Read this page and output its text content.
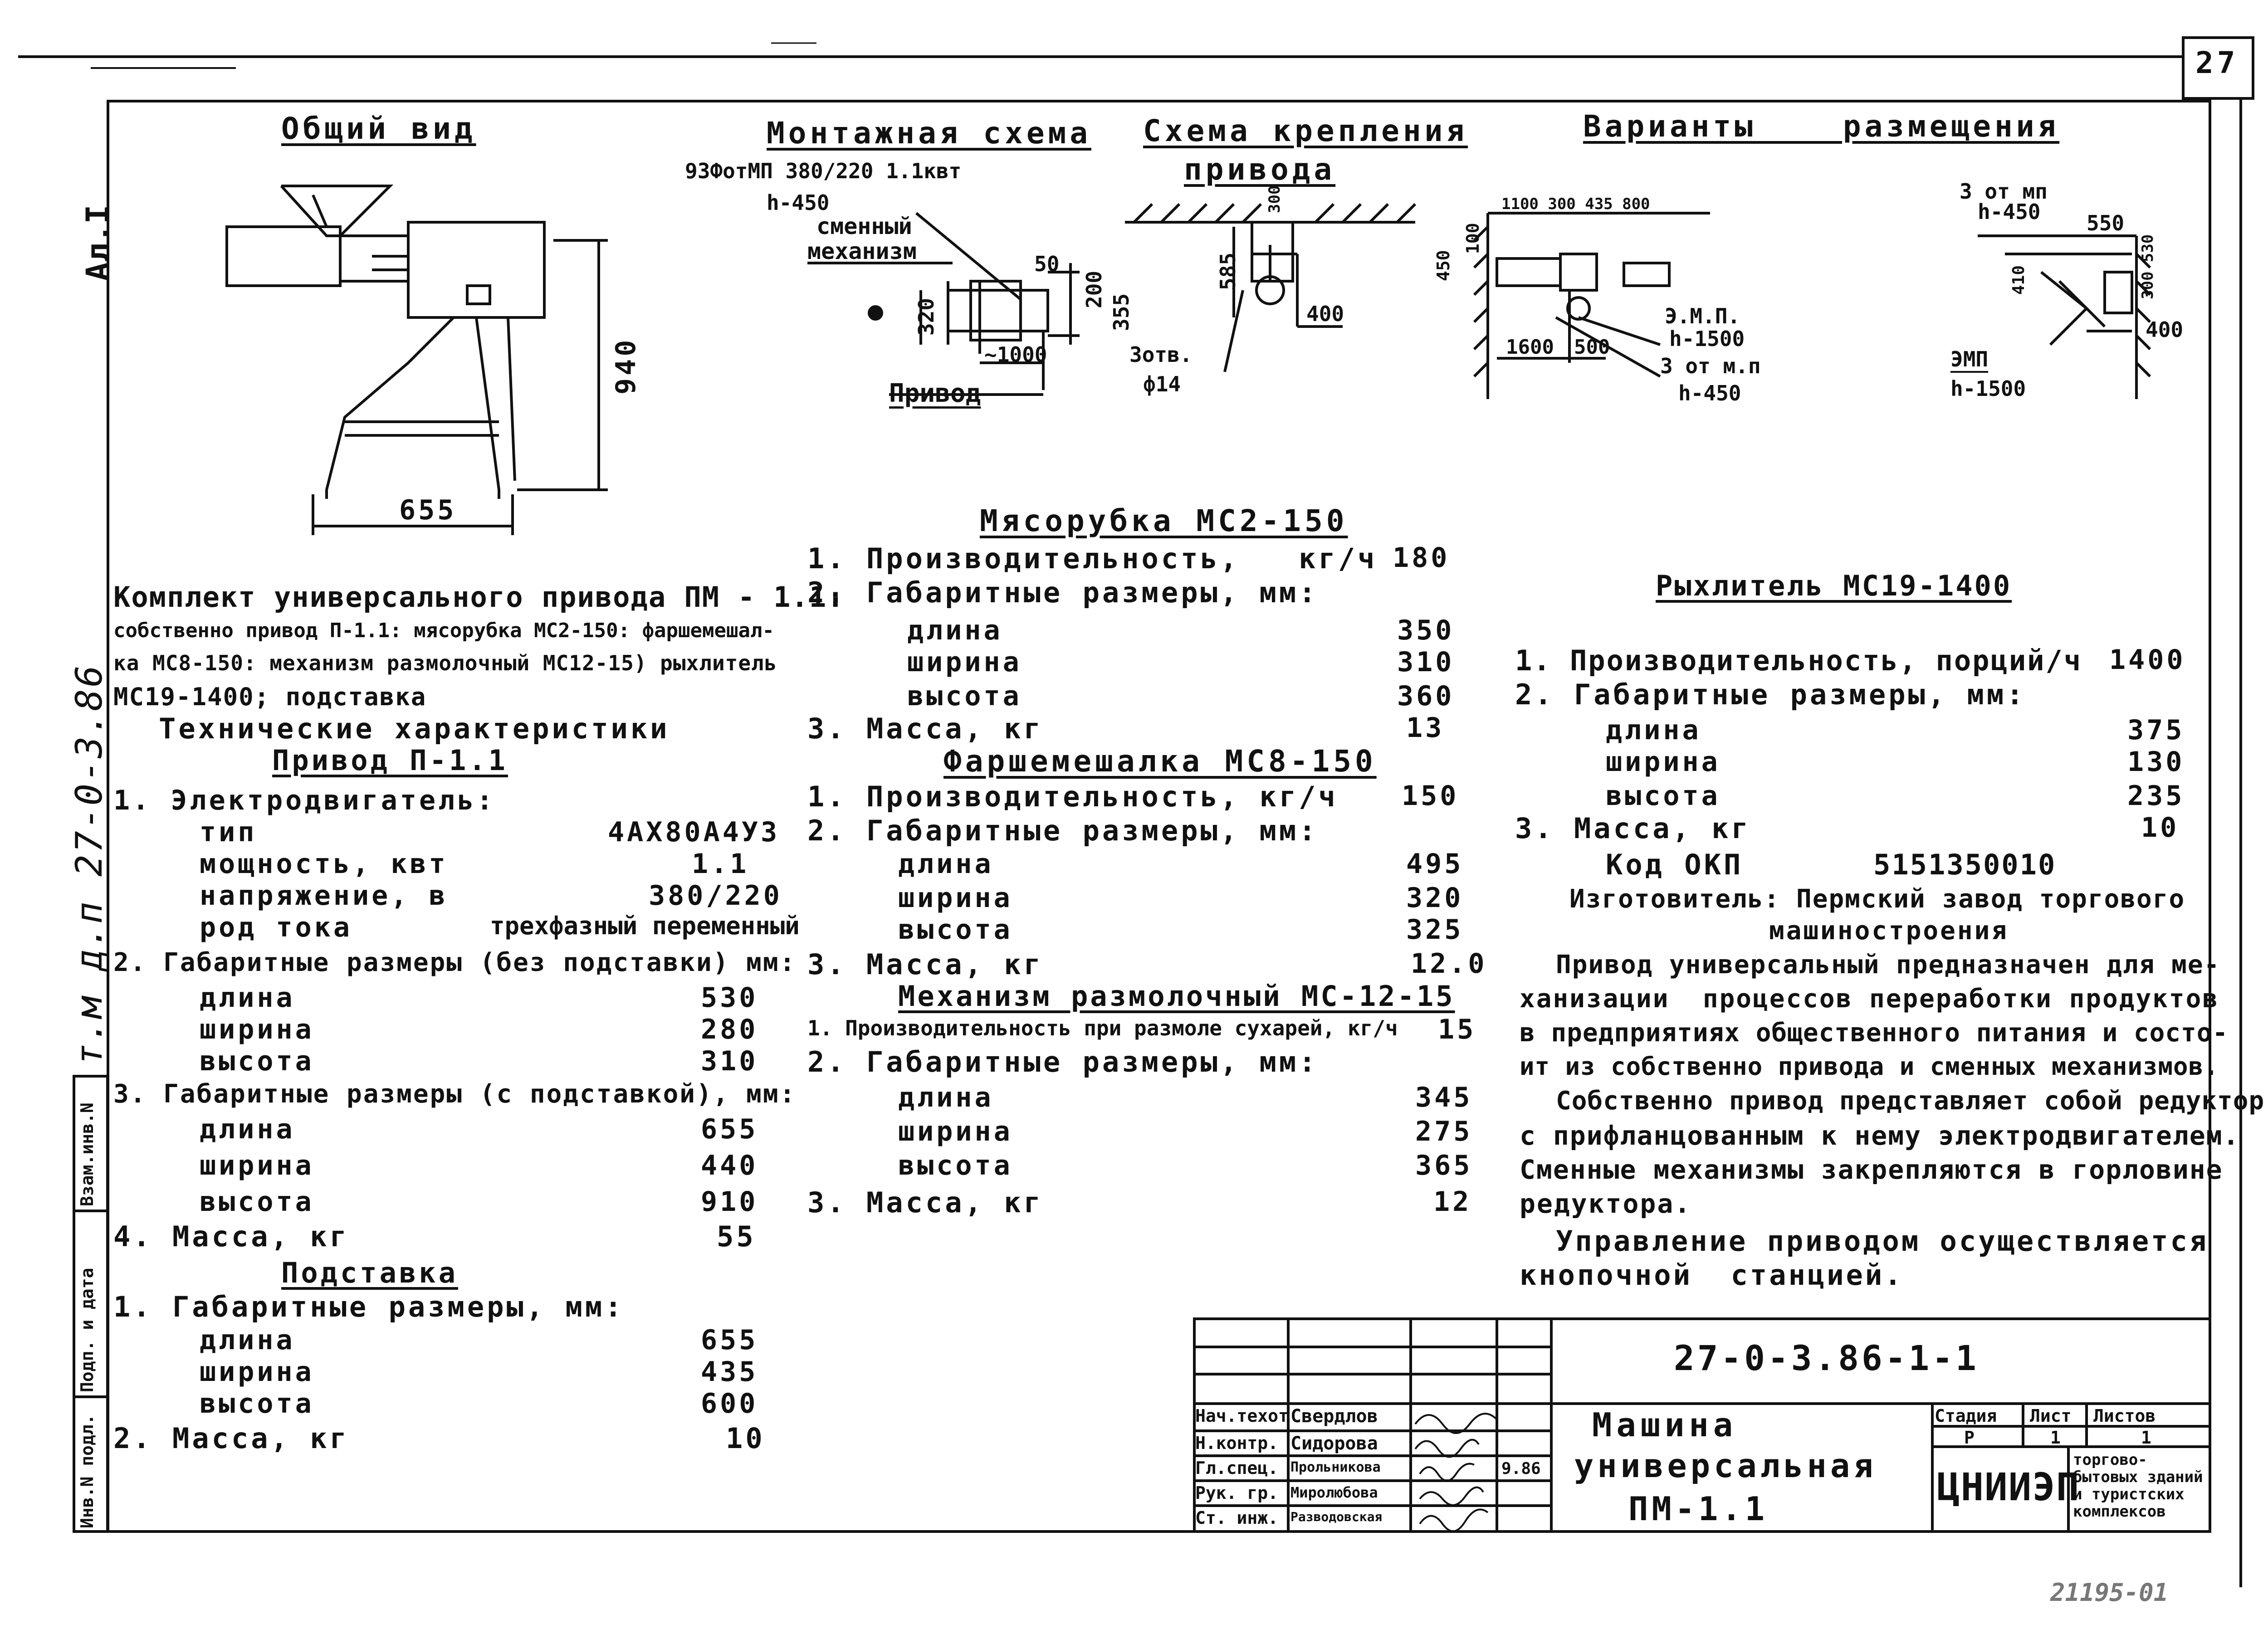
27
Ал.I
т.м д.п 27-0-3.86
Взам.инв.N
Подп. и дата
Инв.N подл.
Общий вид	Монтажная схема Схема крепления
привода
Варианты    размещения
655
940
93ФотМП 380/220 1.1квт
h-450
сменный
механизм	50
200
355
320
~1000
Привод
300
585
400
3отв.
ф14
1100 300 435 800
100
450
1600 500
Э.М.П.
h-1500
3 от м.п
h-450
3 от мп
h-450 550
410	300 530
400
ЭМП
h-1500
Комплект универсального привода ПМ - 1.1:
собственно привод П-1.1: мясорубка МС2-150: фаршемешал-
ка МС8-150: механизм размолочный МС12-15) рыхлитель
МС19-1400; подставка
Технические характеристики
Привод П-1.1
1. Электродвигатель:
тип	4АХ80А4У3
мощность, квт	1.1
напряжение, в	380/220
род тока	трехфазный переменный
2. Габаритные размеры (без подставки) мм:
длина	530
ширина	280
высота	310
3. Габаритные размеры (с подставкой), мм:
длина	655
ширина	440
высота	910
4. Масса, кг	55
Подставка
1. Габаритные размеры, мм:
длина	655
ширина	435
высота	600
2. Масса, кг	10
Мясорубка МС2-150
1. Производительность,   кг/ч 180
2. Габаритные размеры, мм:
длина	350
ширина	310
высота	360
3. Масса, кг	13
Фаршемешалка МС8-150
1. Производительность, кг/ч 150
2. Габаритные размеры, мм:
длина	495
ширина	320
высота	325
3. Масса, кг	12.0
Механизм размолочный МС-12-15
1. Производительность при размоле сухарей, кг/ч 15
2. Габаритные размеры, мм:
длина	345
ширина	275
высота	365
3. Масса, кг	12
Рыхлитель МС19-1400
1. Производительность, порций/ч 1400
2. Габаритные размеры, мм:
длина	375
ширина	130
высота	235
3. Масса, кг	10
Код ОКП	5151350010
Изготовитель: Пермский завод торгового
машиностроения
Привод универсальный предназначен для ме-
ханизации  процессов переработки продуктов
в предприятиях общественного питания и состо-
ит из собственно привода и сменных механизмов.
Собственно привод представляет собой редуктор
с прифланцованным к нему электродвигателем.
Сменные механизмы закрепляются в горловине
редуктора.
Управление приводом осуществляется
кнопочной  станцией.
27-0-3.86-1-1
Нач.техот Свердлов
Н.контр. Сидорова
Гл.спец. Прольникова
Рук. гр. Миролюбова
Ст. инж. Разводовская
9.86
Машина
универсальная
ПМ-1.1
Стадия Лист Листов
Р	1	1
ЦНИИЭП
торгово-бытовых зданий и туристских комплексов
21195-01
